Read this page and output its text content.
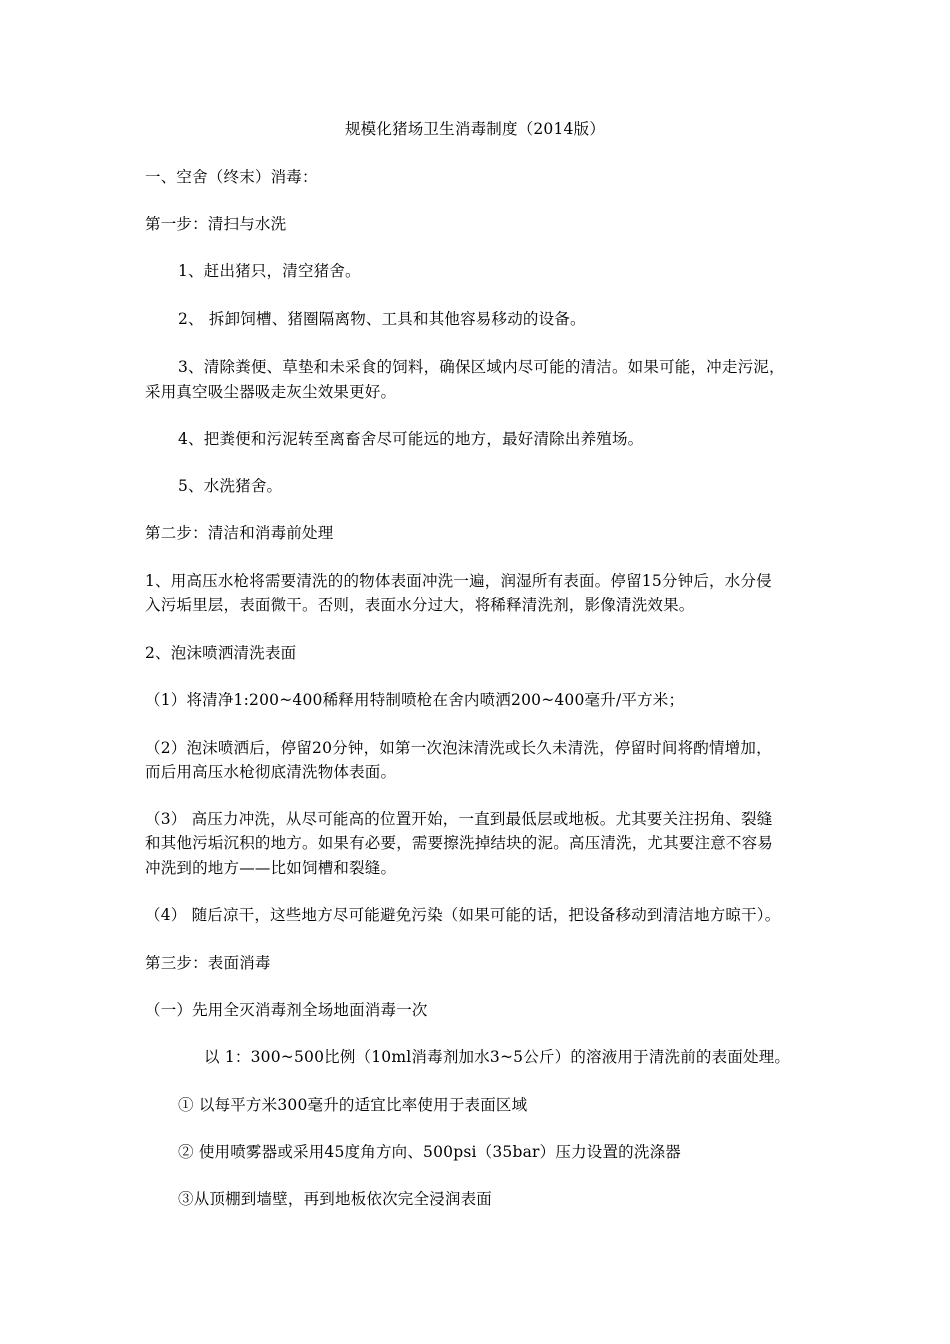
规模化猪场卫生消毒制度（2014版）
一、空舍（终末）消毒：
第一步：清扫与水洗
1、赶出猪只，清空猪舍。
2、 拆卸饲槽、猪圈隔离物、工具和其他容易移动的设备。
3、清除粪便、草垫和未采食的饲料，确保区域内尽可能的清洁。如果可能，冲走污泥，
采用真空吸尘器吸走灰尘效果更好。
4、把粪便和污泥转至离畜舍尽可能远的地方，最好清除出养殖场。
5、水洗猪舍。
第二步：清洁和消毒前处理
1、用高压水枪将需要清洗的的物体表面冲洗一遍，润湿所有表面。停留15分钟后，水分侵
入污垢里层，表面微干。否则，表面水分过大，将稀释清洗剂，影像清洗效果。
2、泡沫喷洒清洗表面
（1）将清净1:200~400稀释用特制喷枪在舍内喷洒200~400毫升/平方米；
（2）泡沫喷洒后，停留20分钟，如第一次泡沫清洗或长久未清洗，停留时间将酌情增加，
而后用高压水枪彻底清洗物体表面。
（3） 高压力冲洗，从尽可能高的位置开始，一直到最低层或地板。尤其要关注拐角、裂缝
和其他污垢沉积的地方。如果有必要，需要擦洗掉结块的泥。高压清洗，尤其要注意不容易
冲洗到的地方——比如饲槽和裂缝。
（4） 随后凉干，这些地方尽可能避免污染（如果可能的话，把设备移动到清洁地方晾干）。
第三步：表面消毒
（一）先用全灭消毒剂全场地面消毒一次
以 1：300~500比例（10ml消毒剂加水3~5公斤）的溶液用于清洗前的表面处理。
① 以每平方米300毫升的适宜比率使用于表面区域
② 使用喷雾器或采用45度角方向、500psi（35bar）压力设置的洗涤器
③从顶棚到墙壁，再到地板依次完全浸润表面
